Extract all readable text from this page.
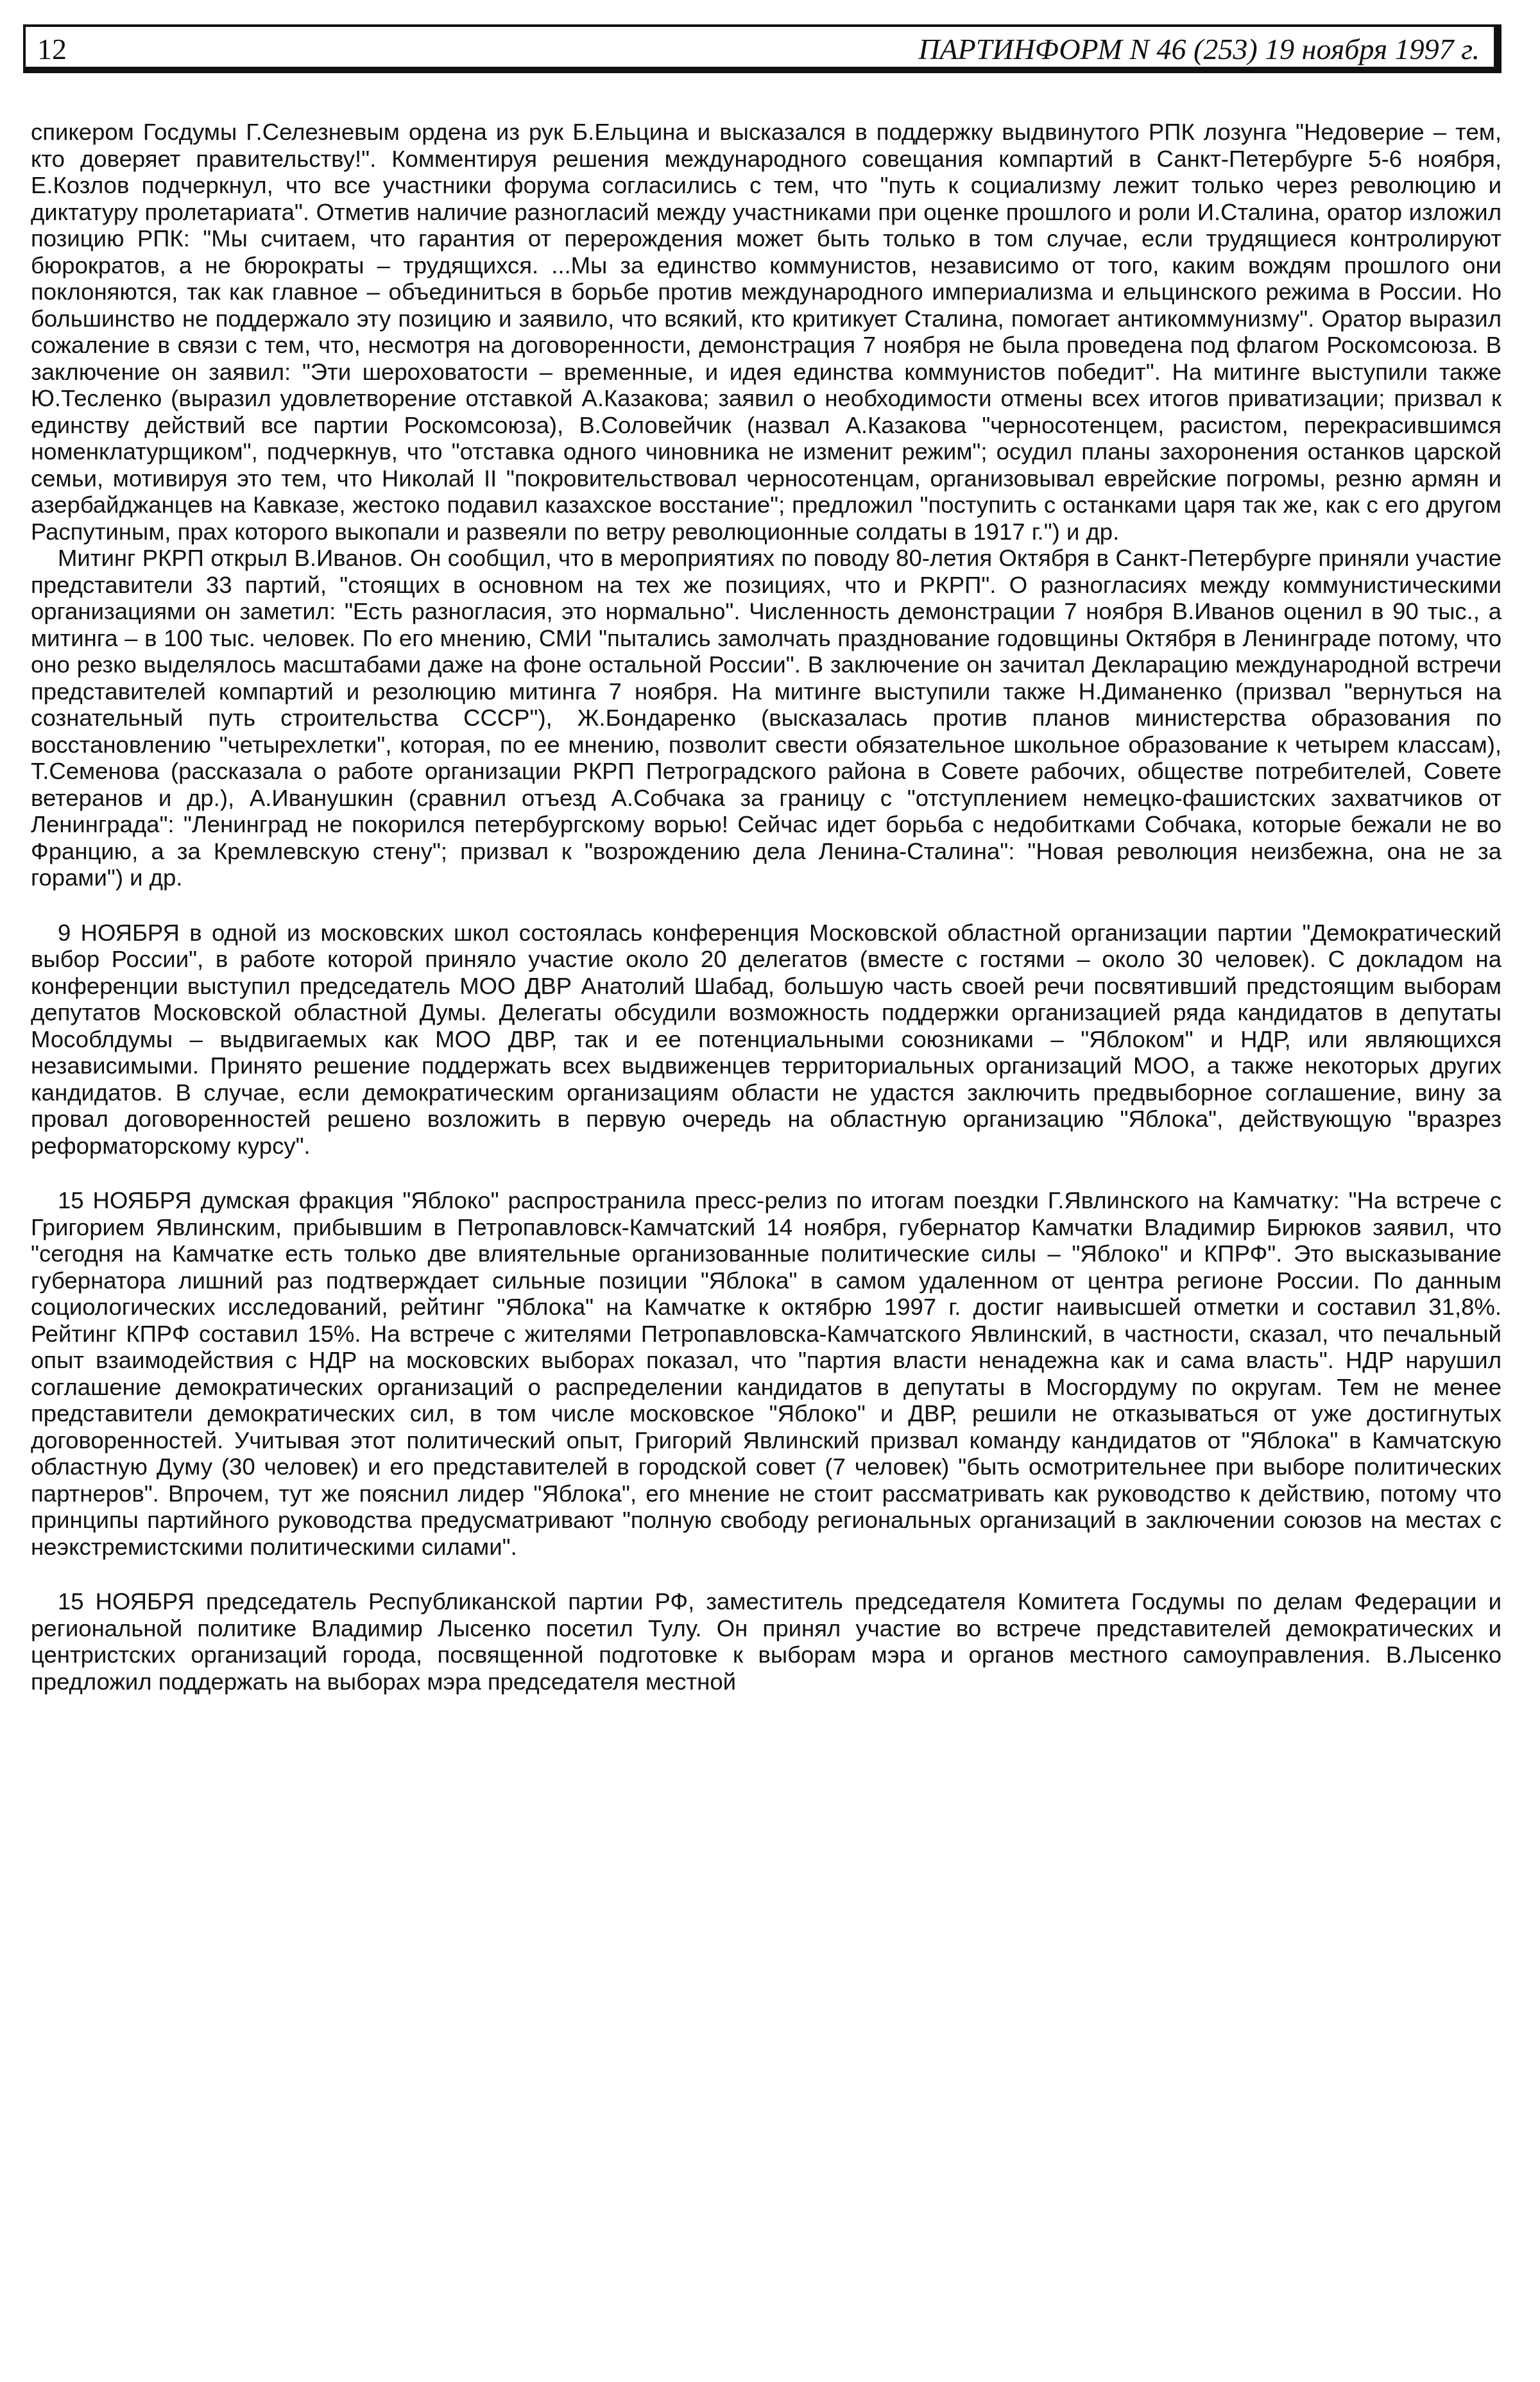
12	ПАРТИНФОРМ N 46 (253) 19 ноября 1997 г.

спикером Госдумы Г.Селезневым ордена из рук Б.Ельцина и высказался в поддержку выдвинутого РПК лозунга "Недоверие – тем, кто доверяет правительству!". Комментируя решения международного совещания компартий в Санкт-Петербурге 5-6 ноября, Е.Козлов подчеркнул, что все участники форума согласились с тем, что "путь к социализму лежит только через революцию и диктатуру пролетариата". Отметив наличие разногласий между участниками при оценке прошлого и роли И.Сталина, оратор изложил позицию РПК: "Мы считаем, что гарантия от перерождения может быть только в том случае, если трудящиеся контролируют бюрократов, а не бюрократы – трудящихся. ...Мы за единство коммунистов, независимо от того, каким вождям прошлого они поклоняются, так как главное – объединиться в борьбе против международного империализма и ельцинского режима в России. Но большинство не поддержало эту позицию и заявило, что всякий, кто критикует Сталина, помогает антикоммунизму". Оратор выразил сожаление в связи с тем, что, несмотря на договоренности, демонстрация 7 ноября не была проведена под флагом Роскомсоюза. В заключение он заявил: "Эти шероховатости – временные, и идея единства коммунистов победит". На митинге выступили также Ю.Тесленко (выразил удовлетворение отставкой А.Казакова; заявил о необходимости отмены всех итогов приватизации; призвал к единству действий все партии Роскомсоюза), В.Соловейчик (назвал А.Казакова "черносотенцем, расистом, перекрасившимся номенклатурщиком", подчеркнув, что "отставка одного чиновника не изменит режим"; осудил планы захоронения останков царской семьи, мотивируя это тем, что Николай II "покровительствовал черносотенцам, организовывал еврейские погромы, резню армян и азербайджанцев на Кавказе, жестоко подавил казахское восстание"; предложил "поступить с останками царя так же, как с его другом Распутиным, прах которого выкопали и развеяли по ветру революционные солдаты в 1917 г.") и др.

Митинг РКРП открыл В.Иванов. Он сообщил, что в мероприятиях по поводу 80-летия Октября в Санкт-Петербурге приняли участие представители 33 партий, "стоящих в основном на тех же позициях, что и РКРП". О разногласиях между коммунистическими организациями он заметил: "Есть разногласия, это нормально". Численность демонстрации 7 ноября В.Иванов оценил в 90 тыс., а митинга – в 100 тыс. человек. По его мнению, СМИ "пытались замолчать празднование годовщины Октября в Ленинграде потому, что оно резко выделялось масштабами даже на фоне остальной России". В заключение он зачитал Декларацию международной встречи представителей компартий и резолюцию митинга 7 ноября. На митинге выступили также Н.Диманенко (призвал "вернуться на сознательный путь строительства СССР"), Ж.Бондаренко (высказалась против планов министерства образования по восстановлению "четырехлетки", которая, по ее мнению, позволит свести обязательное школьное образование к четырем классам), Т.Семенова (рассказала о работе организации РКРП Петроградского района в Совете рабочих, обществе потребителей, Совете ветеранов и др.), А.Иванушкин (сравнил отъезд А.Собчака за границу с "отступлением немецко-фашистских захватчиков от Ленинграда": "Ленинград не покорился петербургскому ворью! Сейчас идет борьба с недобитками Собчака, которые бежали не во Францию, а за Кремлевскую стену"; призвал к "возрождению дела Ленина-Сталина": "Новая революция неизбежна, она не за горами") и др.

9 НОЯБРЯ в одной из московских школ состоялась конференция Московской областной организации партии "Демократический выбор России", в работе которой приняло участие около 20 делегатов (вместе с гостями – около 30 человек). С докладом на конференции выступил председатель МОО ДВР Анатолий Шабад, большую часть своей речи посвятивший предстоящим выборам депутатов Московской областной Думы. Делегаты обсудили возможность поддержки организацией ряда кандидатов в депутаты Мособлдумы – выдвигаемых как МОО ДВР, так и ее потенциальными союзниками – "Яблоком" и НДР, или являющихся независимыми. Принято решение поддержать всех выдвиженцев территориальных организаций МОО, а также некоторых других кандидатов. В случае, если демократическим организациям области не удастся заключить предвыборное соглашение, вину за провал договоренностей решено возложить в первую очередь на областную организацию "Яблока", действующую "вразрез реформаторскому курсу".

15 НОЯБРЯ думская фракция "Яблоко" распространила пресс-релиз по итогам поездки Г.Явлинского на Камчатку: "На встрече с Григорием Явлинским, прибывшим в Петропавловск-Камчатский 14 ноября, губернатор Камчатки Владимир Бирюков заявил, что "сегодня на Камчатке есть только две влиятельные организованные политические силы – "Яблоко" и КПРФ". Это высказывание губернатора лишний раз подтверждает сильные позиции "Яблока" в самом удаленном от центра регионе России. По данным социологических исследований, рейтинг "Яблока" на Камчатке к октябрю 1997 г. достиг наивысшей отметки и составил 31,8%. Рейтинг КПРФ составил 15%. На встрече с жителями Петропавловска-Камчатского Явлинский, в частности, сказал, что печальный опыт взаимодействия с НДР на московских выборах показал, что "партия власти ненадежна как и сама власть". НДР нарушил соглашение демократических организаций о распределении кандидатов в депутаты в Мосгордуму по округам. Тем не менее представители демократических сил, в том числе московское "Яблоко" и ДВР, решили не отказываться от уже достигнутых договоренностей. Учитывая этот политический опыт, Григорий Явлинский призвал команду кандидатов от "Яблока" в Камчатскую областную Думу (30 человек) и его представителей в городской совет (7 человек) "быть осмотрительнее при выборе политических партнеров". Впрочем, тут же пояснил лидер "Яблока", его мнение не стоит рассматривать как руководство к действию, потому что принципы партийного руководства предусматривают "полную свободу региональных организаций в заключении союзов на местах с неэкстремистскими политическими силами".

15 НОЯБРЯ председатель Республиканской партии РФ, заместитель председателя Комитета Госдумы по делам Федерации и региональной политике Владимир Лысенко посетил Тулу. Он принял участие во встрече представителей демократических и центристских организаций города, посвященной подготовке к выборам мэра и органов местного самоуправления. В.Лысенко предложил поддержать на выборах мэра председателя местной
